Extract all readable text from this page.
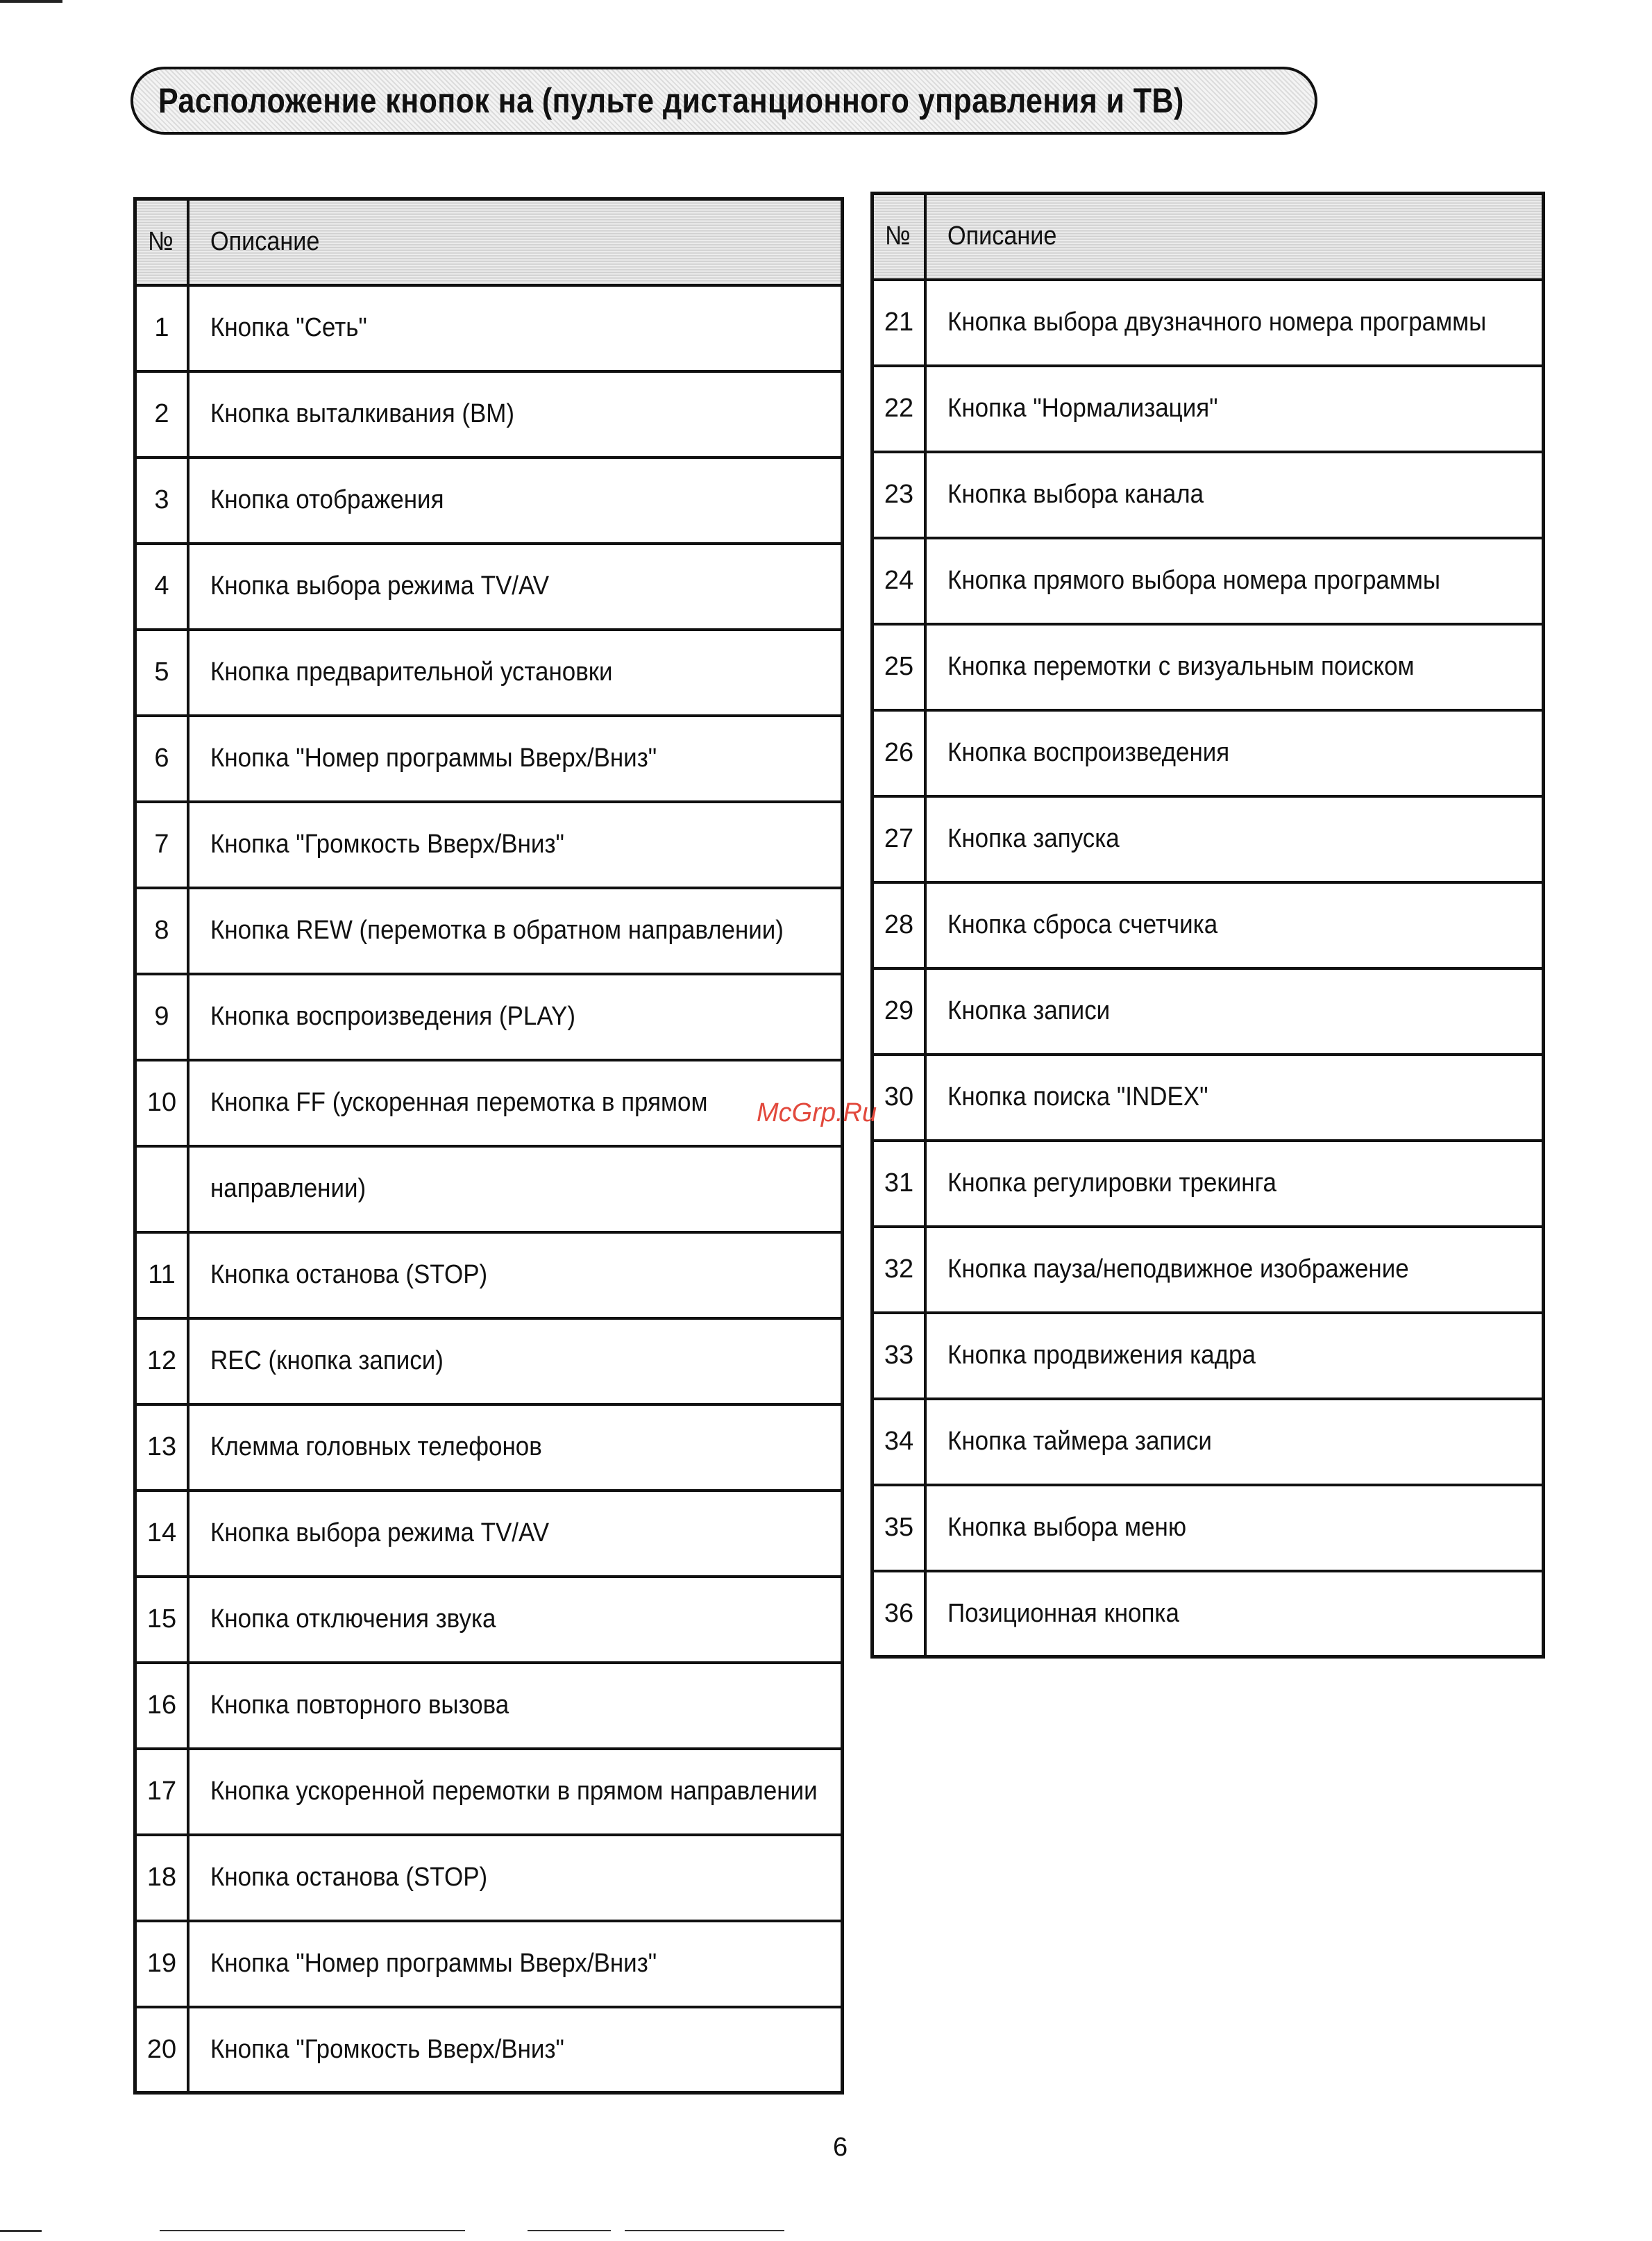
Расположение кнопок на (пульте дистанционного управления и ТВ)
№	Описание
1	Кнопка "Сеть"
2	Кнопка выталкивания (ВМ)
3	Кнопка отображения
4	Кнопка выбора режима TV/AV
5	Кнопка предварительной установки
6	Кнопка "Номер программы Вверх/Вниз"
7	Кнопка "Громкость Вверх/Вниз"
8	Кнопка REW (перемотка в обратном направлении)
9	Кнопка воспроизведения (PLAY)
10	Кнопка FF (ускоренная перемотка в прямом
	направлении)
11	Кнопка останова (STOP)
12	REC (кнопка записи)
13	Клемма головных телефонов
14	Кнопка выбора режима TV/AV
15	Кнопка отключения звука
16	Кнопка повторного вызова
17	Кнопка ускоренной перемотки в прямом направлении
18	Кнопка останова (STOP)
19	Кнопка "Номер программы Вверх/Вниз"
20	Кнопка "Громкость Вверх/Вниз"
№	Описание
21	Кнопка выбора двузначного номера программы
22	Кнопка "Нормализация"
23	Кнопка выбора канала
24	Кнопка прямого выбора номера программы
25	Кнопка перемотки с визуальным поиском
26	Кнопка воспроизведения
27	Кнопка запуска
28	Кнопка сброса счетчика
29	Кнопка записи
30	Кнопка поиска "INDEX"
31	Кнопка регулировки трекинга
32	Кнопка пауза/неподвижное изображение
33	Кнопка продвижения кадра
34	Кнопка таймера записи
35	Кнопка выбора меню
36	Позиционная кнопка
McGrp.Ru
6
